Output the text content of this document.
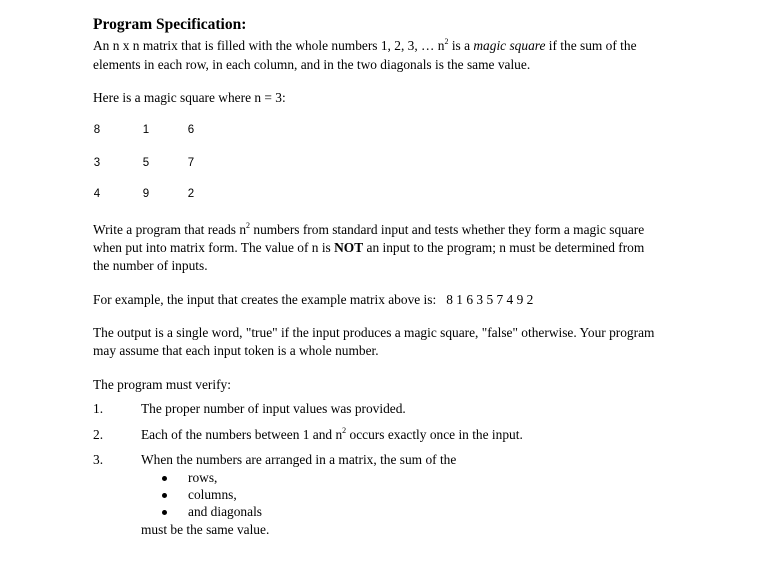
Program Specification:
An n x n matrix that is filled with the whole numbers 1, 2, 3, … $n^2$ is a magic square if the sum of the
elements in each row, in each column, and in the two diagonals is the same value.
Here is a magic square where n = 3:
8	1	6
3	5	7
4	9	2
Write a program that reads $n^2$ numbers from standard input and tests whether they form a magic square
when put into matrix form. The value of n is NOT an input to the program; n must be determined from
the number of inputs.
For example, the input that creates the example matrix above is: 8 1 6 3 5 7 4 9 2
The output is a single word, "true" if the input produces a magic square, "false" otherwise. Your program
may assume that each input token is a whole number.
The program must verify:
1.	The proper number of input values was provided.
2.	Each of the numbers between 1 and $n^2$ occurs exactly once in the input.
3.	When the numbers are arranged in a matrix, the sum of the
rows,
columns,
and diagonals
must be the same value.
